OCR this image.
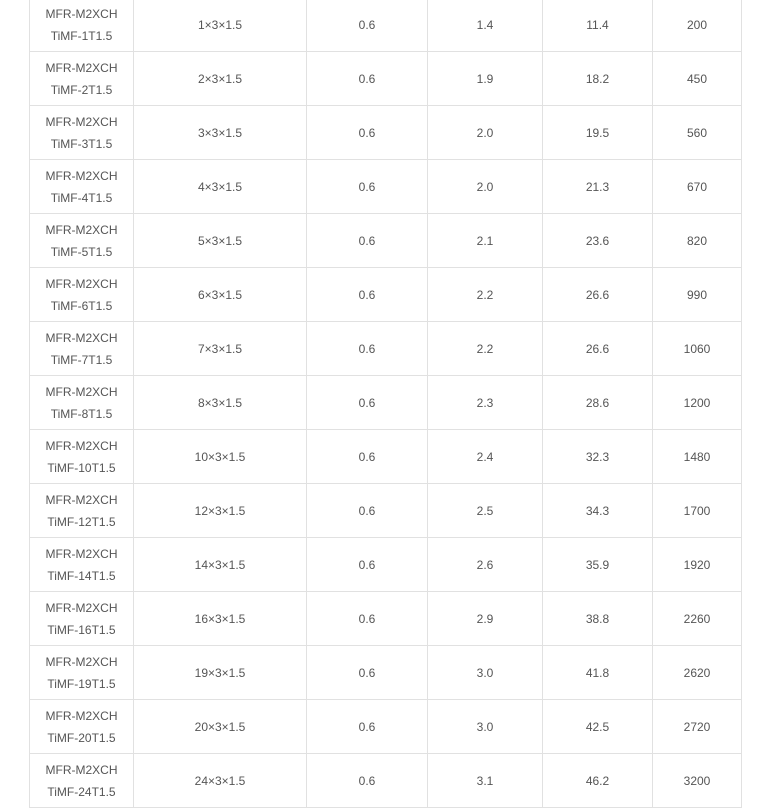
MFR-M2XCH
TiMF-1T1.5	1×3×1.5	0.6	1.4	11.4	200

MFR-M2XCH
TiMF-2T1.5	2×3×1.5	0.6	1.9	18.2	450

MFR-M2XCH
TiMF-3T1.5	3×3×1.5	0.6	2.0	19.5	560

MFR-M2XCH
TiMF-4T1.5	4×3×1.5	0.6	2.0	21.3	670

MFR-M2XCH
TiMF-5T1.5	5×3×1.5	0.6	2.1	23.6	820

MFR-M2XCH
TiMF-6T1.5	6×3×1.5	0.6	2.2	26.6	990

MFR-M2XCH
TiMF-7T1.5	7×3×1.5	0.6	2.2	26.6	1060

MFR-M2XCH
TiMF-8T1.5	8×3×1.5	0.6	2.3	28.6	1200

MFR-M2XCH
TiMF-10T1.5	10×3×1.5	0.6	2.4	32.3	1480

MFR-M2XCH
TiMF-12T1.5	12×3×1.5	0.6	2.5	34.3	1700

MFR-M2XCH
TiMF-14T1.5	14×3×1.5	0.6	2.6	35.9	1920

MFR-M2XCH
TiMF-16T1.5	16×3×1.5	0.6	2.9	38.8	2260

MFR-M2XCH
TiMF-19T1.5	19×3×1.5	0.6	3.0	41.8	2620

MFR-M2XCH
TiMF-20T1.5	20×3×1.5	0.6	3.0	42.5	2720

MFR-M2XCH
TiMF-24T1.5	24×3×1.5	0.6	3.1	46.2	3200
